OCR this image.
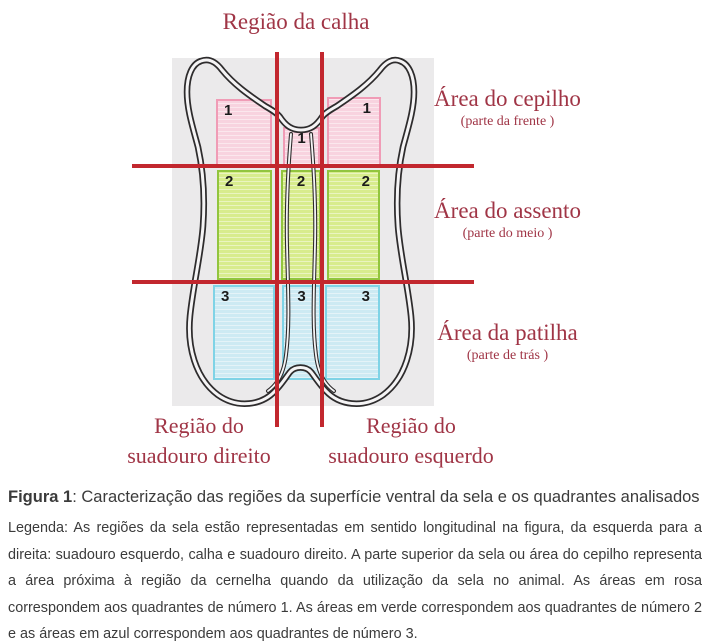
1
1
1
2	2	2
3	3	3
Região da calha
Área do cepilho
(parte da frente )
Área do assento
(parte do meio )
Área da patilha
(parte de trás )
Região do
suadouro direito
Região do
suadouro esquerdo

Figura 1: Caracterização das regiões da superfície ventral da sela e os quadrantes analisados

Legenda: As regiões da sela estão representadas em sentido longitudinal na figura, da esquerda para a direita: suadouro esquerdo, calha e suadouro direito. A parte superior da sela ou área do cepilho representa a área próxima à região da cernelha quando da utilização da sela no animal. As áreas em rosa correspondem aos quadrantes de número 1. As áreas em verde correspondem aos quadrantes de número 2 e as áreas em azul correspondem aos quadrantes de número 3.
